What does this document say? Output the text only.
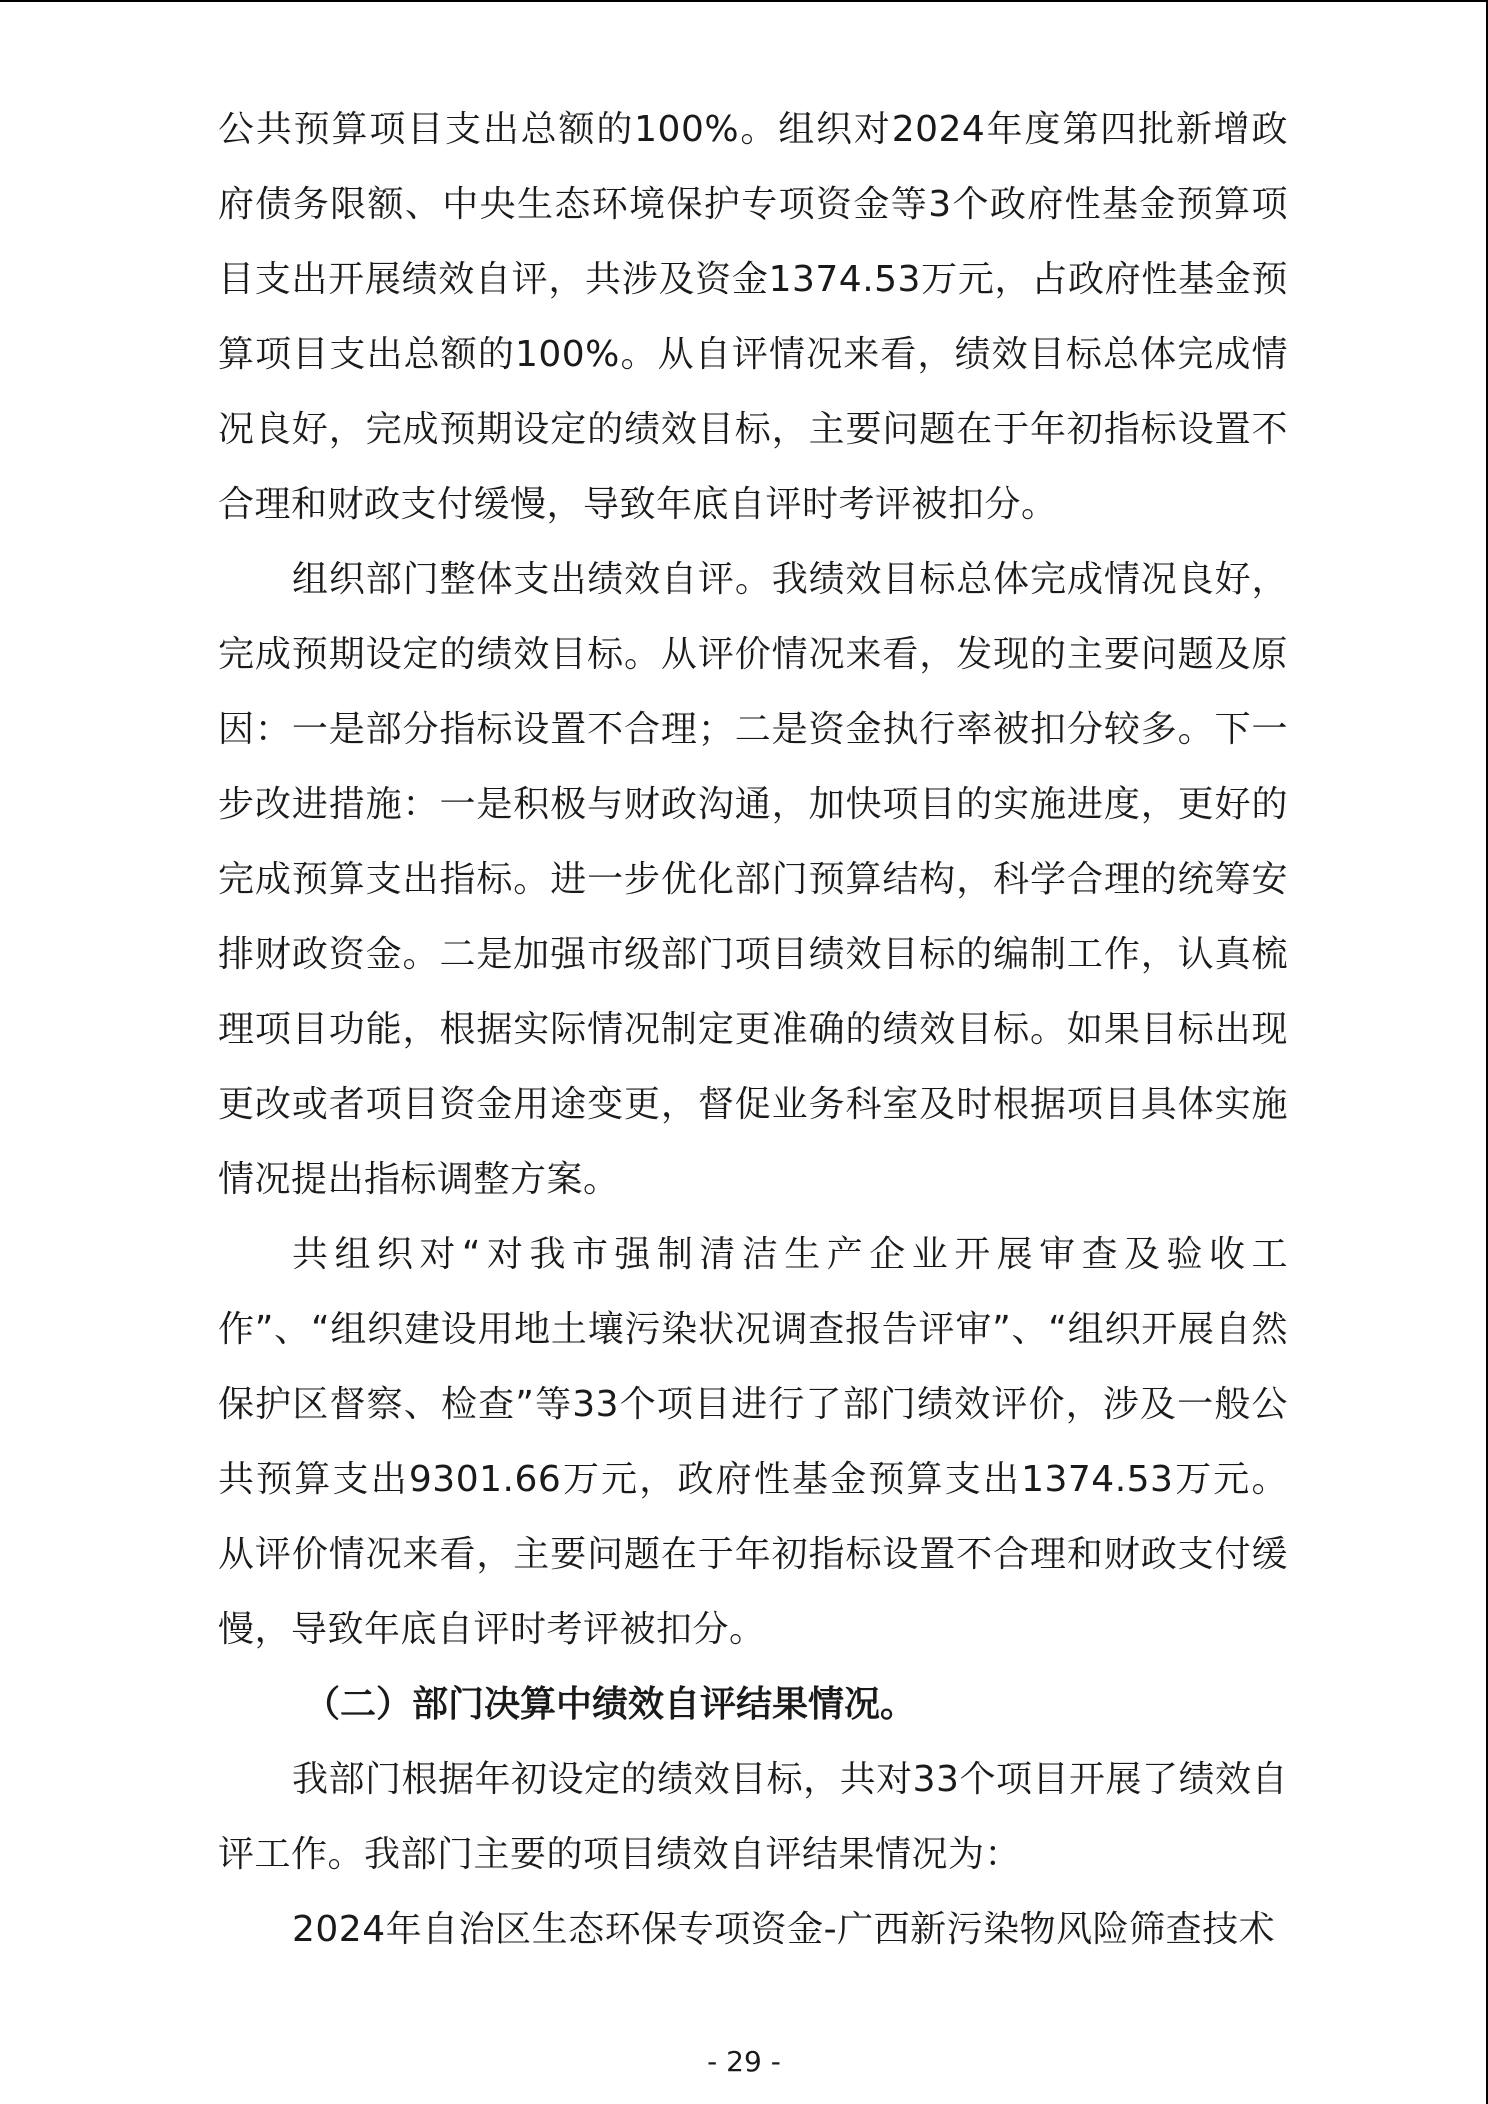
公共预算项目支出总额的100%。组织对2024年度第四批新增政府债务限额、中央生态环境保护专项资金等3个政府性基金预算项目支出开展绩效自评，共涉及资金1374.53万元，占政府性基金预算项目支出总额的100%。从自评情况来看，绩效目标总体完成情况良好，完成预期设定的绩效目标，主要问题在于年初指标设置不合理和财政支付缓慢，导致年底自评时考评被扣分。

组织部门整体支出绩效自评。我绩效目标总体完成情况良好，完成预期设定的绩效目标。从评价情况来看，发现的主要问题及原因：一是部分指标设置不合理；二是资金执行率被扣分较多。下一步改进措施：一是积极与财政沟通，加快项目的实施进度，更好的完成预算支出指标。进一步优化部门预算结构，科学合理的统筹安排财政资金。二是加强市级部门项目绩效目标的编制工作，认真梳理项目功能，根据实际情况制定更准确的绩效目标。如果目标出现更改或者项目资金用途变更，督促业务科室及时根据项目具体实施情况提出指标调整方案。

共组织对“对我市强制清洁生产企业开展审查及验收工作”、“组织建设用地土壤污染状况调查报告评审”、“组织开展自然保护区督察、检查”等33个项目进行了部门绩效评价，涉及一般公共预算支出9301.66万元，政府性基金预算支出1374.53万元。从评价情况来看，主要问题在于年初指标设置不合理和财政支付缓慢，导致年底自评时考评被扣分。

（二）部门决算中绩效自评结果情况。

我部门根据年初设定的绩效目标，共对33个项目开展了绩效自评工作。我部门主要的项目绩效自评结果情况为：

2024年自治区生态环保专项资金-广西新污染物风险筛查技术

- 29 -
